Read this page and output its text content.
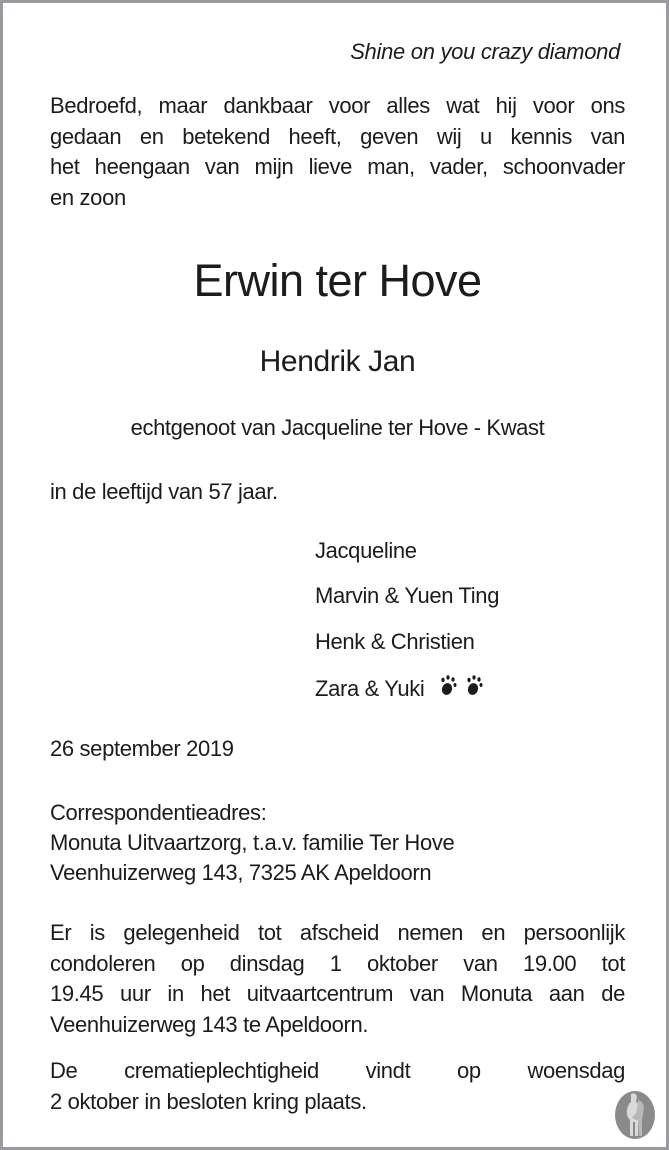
Shine on you crazy diamond

Bedroefd, maar dankbaar voor alles wat hij voor ons
gedaan en betekend heeft, geven wij u kennis van
het heengaan van mijn lieve man, vader, schoonvader
en zoon

Erwin ter Hove

Hendrik Jan

echtgenoot van Jacqueline ter Hove - Kwast

in de leeftijd van 57 jaar.

Jacqueline

Marvin & Yuen Ting

Henk & Christien

Zara & Yuki

26 september 2019

Correspondentieadres:
Monuta Uitvaartzorg, t.a.v. familie Ter Hove
Veenhuizerweg 143, 7325 AK Apeldoorn
Er is gelegenheid tot afscheid nemen en persoonlijk
condoleren op dinsdag 1 oktober van 19.00 tot
19.45 uur in het uitvaartcentrum van Monuta aan de
Veenhuizerweg 143 te Apeldoorn.
De crematieplechtigheid vindt op woensdag
2 oktober in besloten kring plaats.
